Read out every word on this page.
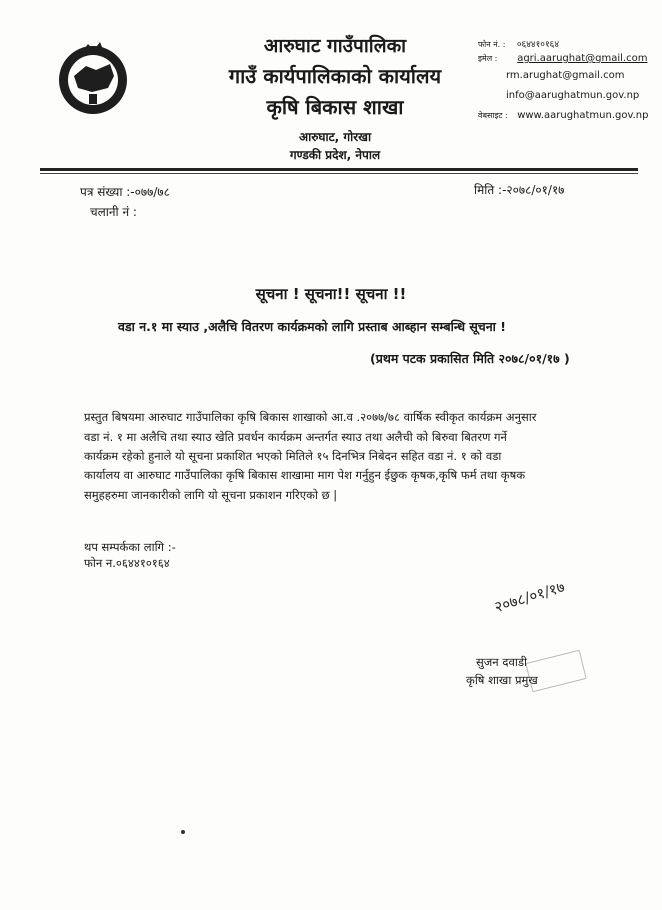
आरुघाट गाउँपालिका
गाउँ कार्यपालिकाको कार्यालय
कृषि बिकास शाखा
आरुघाट, गोरखा
गण्डकी प्रदेश, नेपाल
फोन नं. : ०६४४१०१६४
इमेल : agri.aarughat@gmail.com
rm.arughat@gmail.com
info@aarughatmun.gov.np
वेबसाइट : www.aarughatmun.gov.np
पत्र संख्या :-०७७/७८
चलानी नं :
मिति :-२०७८/०१/१७
सूचना ! सूचना!! सूचना !!
वडा न.१ मा स्याउ ,अलैचि वितरण कार्यक्रमको लागि प्रस्ताब आब्हान सम्बन्धि सूचना !
(प्रथम पटक प्रकासित मिति २०७८/०१/१७ )
प्रस्तुत बिषयमा आरुघाट गाउँपालिका कृषि बिकास शाखाको आ.व .२०७७/७८ वार्षिक स्वीकृत कार्यक्रम अनुसार
वडा नं. १ मा अलैचि तथा स्याउ खेति प्रवर्धन कार्यक्रम अन्तर्गत स्याउ तथा अलैची को बिरुवा बितरण गर्ने
कार्यक्रम रहेको हुनाले यो सूचना प्रकाशित भएको मितिले १५ दिनभित्र निबेदन सहित वडा नं. १ को वडा
कार्यालय वा आरुघाट गाउँपालिका कृषि बिकास शाखामा माग पेश गर्नुहुन ईछुक कृषक,कृषि फर्म तथा कृषक
समुहहरुमा जानकारीको लागि यो सूचना प्रकाशन गरिएको छ |
थप सम्पर्कका लागि :-
फोन न.०६४४१०१६४
२०७८/०१/१७
सुजन दवाडी
कृषि शाखा प्रमुख
